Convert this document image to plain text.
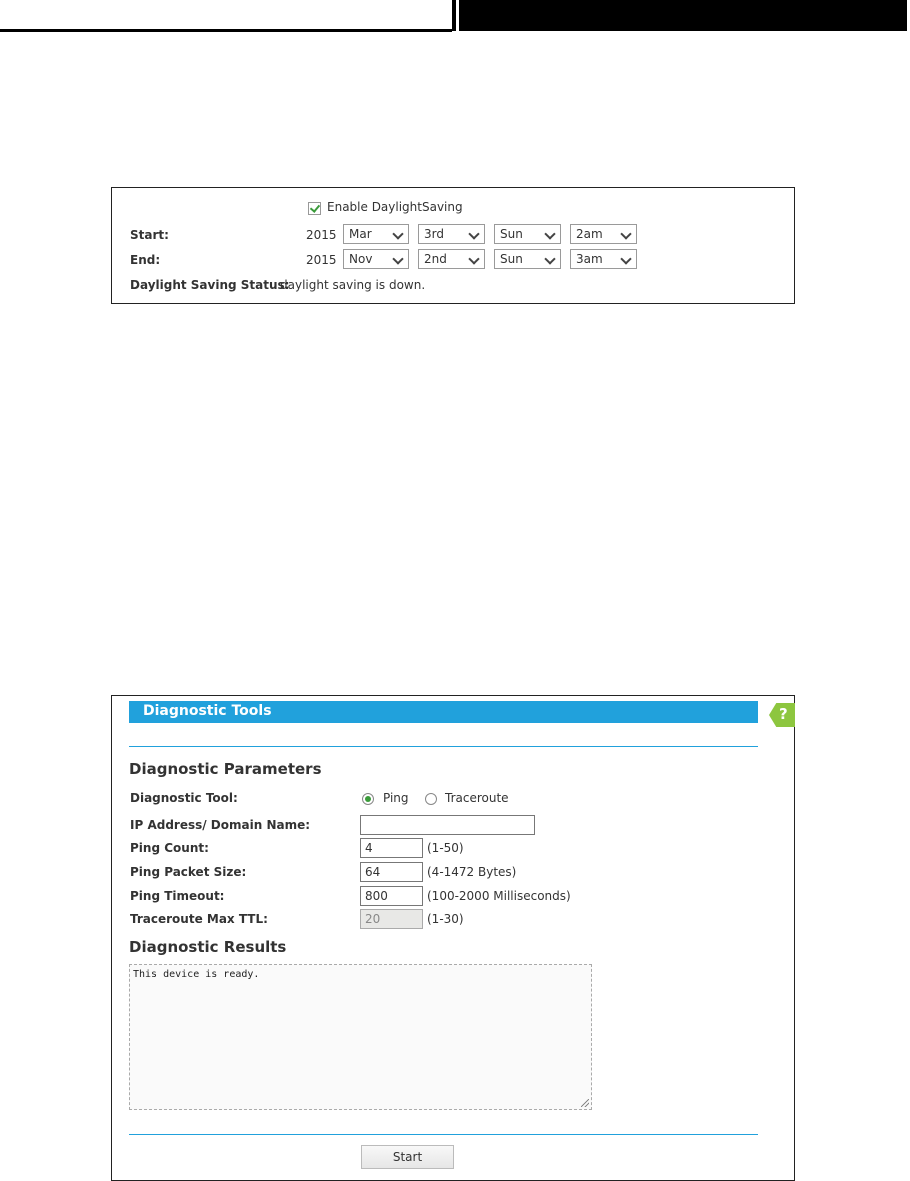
Enable DaylightSaving
Start:	2015	Mar	3rd	Sun	2am
End:	2015	Nov	2nd	Sun	3am
Daylight Saving Status:
daylight saving is down.
Diagnostic Tools	?
Diagnostic Parameters
Diagnostic Tool:	Ping	Traceroute
IP Address/ Domain Name:
Ping Count:	4	(1-50)
Ping Packet Size:	64	(4-1472 Bytes)
Ping Timeout:	800	(100-2000 Milliseconds)
Traceroute Max TTL:	20	(1-30)
Diagnostic Results
This device is ready.
Start
